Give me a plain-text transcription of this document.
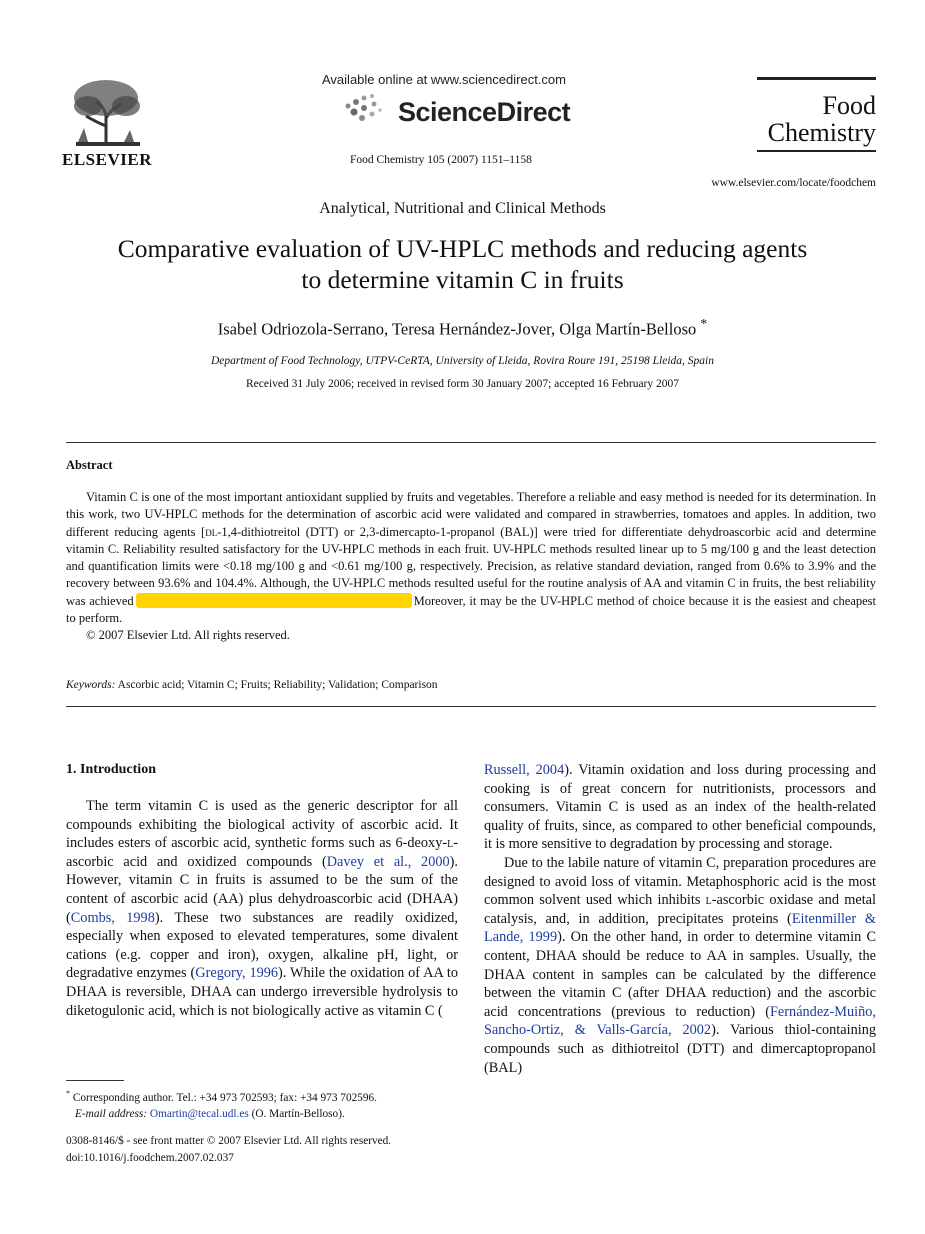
ELSEVIER
Available online at www.sciencedirect.com
ScienceDirect
Food Chemistry 105 (2007) 1151–1158
Food
Chemistry
www.elsevier.com/locate/foodchem
Analytical, Nutritional and Clinical Methods
Comparative evaluation of UV-HPLC methods and reducing agents
to determine vitamin C in fruits
Isabel Odriozola-Serrano, Teresa Hernández-Jover, Olga Martín-Belloso *
Department of Food Technology, UTPV-CeRTA, University of Lleida, Rovira Roure 191, 25198 Lleida, Spain
Received 31 July 2006; received in revised form 30 January 2007; accepted 16 February 2007
Abstract

Vitamin C is one of the most important antioxidant supplied by fruits and vegetables. Therefore a reliable and easy method is needed for its determination. In this work, two UV-HPLC methods for the determination of ascorbic acid were validated and compared in strawberries, tomatoes and apples. In addition, two different reducing agents [dl-1,4-dithiotreitol (DTT) or 2,3-dimercapto-1-propanol (BAL)] were tried for differentiate dehydroascorbic acid and determine vitamin C. Reliability resulted satisfactory for the UV-HPLC methods in each fruit. UV-HPLC methods resulted linear up to 5 mg/100 g and the least detection and quantification limits were <0.18 mg/100 g and <0.61 mg/100 g, respectively. Precision, as relative standard deviation, ranged from 0.6% to 3.9% and the recovery between 93.6% and 104.4%. Although, the UV-HPLC methods resulted useful for the routine analysis of AA and vitamin C in fruits, the best reliability was achieved	Moreover, it may be the UV-HPLC method of choice because it is the easiest and cheapest to perform.

© 2007 Elsevier Ltd. All rights reserved.

Keywords: Ascorbic acid; Vitamin C; Fruits; Reliability; Validation; Comparison
1. Introduction

The term vitamin C is used as the generic descriptor for all compounds exhibiting the biological activity of ascorbic acid. It includes esters of ascorbic acid, synthetic forms such as 6-deoxy-l-ascorbic acid and oxidized compounds (Davey et al., 2000). However, vitamin C in fruits is assumed to be the sum of the content of ascorbic acid (AA) plus dehydroascorbic acid (DHAA) (Combs, 1998). These two substances are readily oxidized, especially when exposed to elevated temperatures, some divalent cations (e.g. copper and iron), oxygen, alkaline pH, light, or degradative enzymes (Gregory, 1996). While the oxidation of AA to DHAA is reversible, DHAA can undergo irreversible hydrolysis to diketogulonic acid, which is not biologically active as vitamin C (

Russell, 2004). Vitamin oxidation and loss during processing and cooking is of great concern for nutritionists, processors and consumers. Vitamin C is used as an index of the health-related quality of fruits, since, as compared to other beneficial compounds, it is more sensitive to degradation by processing and storage.

Due to the labile nature of vitamin C, preparation procedures are designed to avoid loss of vitamin. Metaphosphoric acid is the most common solvent used which inhibits l-ascorbic oxidase and metal catalysis, and, in addition, precipitates proteins (Eitenmiller & Lande, 1999). On the other hand, in order to determine vitamin C content, DHAA should be reduce to AA in samples. Usually, the DHAA content in samples can be calculated by the difference between the vitamin C (after DHAA reduction) and the ascorbic acid concentrations (previous to reduction) (Fernández-Muiño, Sancho-Ortiz, & Valls-García, 2002). Various thiol-containing compounds such as dithiotreitol (DTT) and dimercaptopropanol (BAL)

* Corresponding author. Tel.: +34 973 702593; fax: +34 973 702596.
E-mail address: Omartin@tecal.udl.es (O. Martín-Belloso).
0308-8146/$ - see front matter © 2007 Elsevier Ltd. All rights reserved.
doi:10.1016/j.foodchem.2007.02.037
